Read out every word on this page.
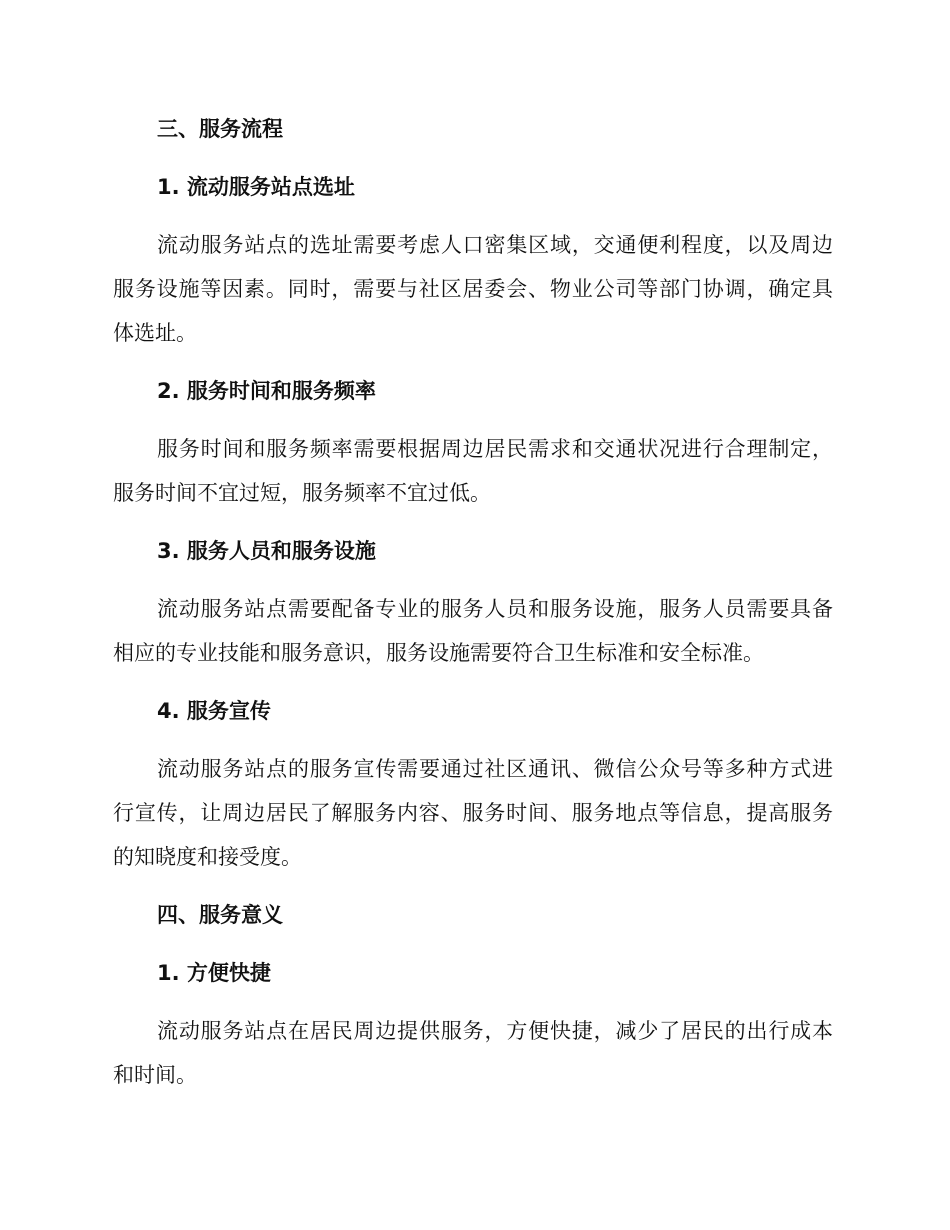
三、服务流程
1. 流动服务站点选址
流动服务站点的选址需要考虑人口密集区域，交通便利程度，以及周边
服务设施等因素。同时，需要与社区居委会、物业公司等部门协调，确定具
体选址。
2. 服务时间和服务频率
服务时间和服务频率需要根据周边居民需求和交通状况进行合理制定，
服务时间不宜过短，服务频率不宜过低。
3. 服务人员和服务设施
流动服务站点需要配备专业的服务人员和服务设施，服务人员需要具备
相应的专业技能和服务意识，服务设施需要符合卫生标准和安全标准。
4. 服务宣传
流动服务站点的服务宣传需要通过社区通讯、微信公众号等多种方式进
行宣传，让周边居民了解服务内容、服务时间、服务地点等信息，提高服务
的知晓度和接受度。
四、服务意义
1. 方便快捷
流动服务站点在居民周边提供服务，方便快捷，减少了居民的出行成本
和时间。
